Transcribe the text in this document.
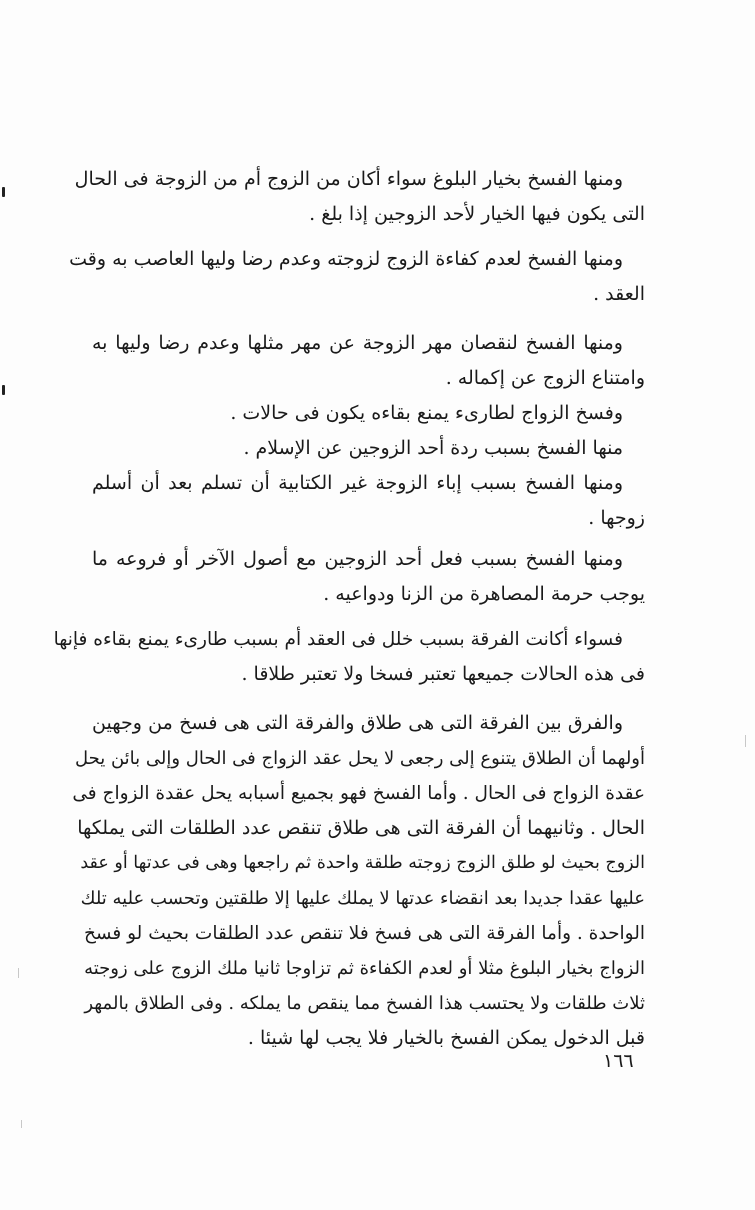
ومنها الفسخ بخيار البلوغ سواء أكان من الزوج أم من الزوجة فى الحال
التى يكون فيها الخيار لأحد الزوجين إذا بلغ .
ومنها الفسخ لعدم كفاءة الزوج لزوجته وعدم رضا وليها العاصب به وقت
العقد .
ومنها الفسخ لنقصان مهر الزوجة عن مهر مثلها وعدم رضا وليها به
وامتناع الزوج عن إكماله .
وفسخ الزواج لطارىء يمنع بقاءه يكون فى حالات .
منها الفسخ بسبب ردة أحد الزوجين عن الإسلام .
ومنها الفسخ بسبب إباء الزوجة غير الكتابية أن تسلم بعد أن أسلم
زوجها .
ومنها الفسخ بسبب فعل أحد الزوجين مع أصول الآخر أو فروعه ما
يوجب حرمة المصاهرة من الزنا ودواعيه .
فسواء أكانت الفرقة بسبب خلل فى العقد أم بسبب طارىء يمنع بقاءه فإنها
فى هذه الحالات جميعها تعتبر فسخا ولا تعتبر طلاقا .
والفرق بين الفرقة التى هى طلاق والفرقة التى هى فسخ من وجهين
أولهما أن الطلاق يتنوع إلى رجعى لا يحل عقد الزواج فى الحال وإلى بائن يحل
عقدة الزواج فى الحال . وأما الفسخ فهو بجميع أسبابه يحل عقدة الزواج فى
الحال . وثانيهما أن الفرقة التى هى طلاق تنقص عدد الطلقات التى يملكها
الزوج بحيث لو طلق الزوج زوجته طلقة واحدة ثم راجعها وهى فى عدتها أو عقد
عليها عقدا جديدا بعد انقضاء عدتها لا يملك عليها إلا طلقتين وتحسب عليه تلك
الواحدة . وأما الفرقة التى هى فسخ فلا تنقص عدد الطلقات بحيث لو فسخ
الزواج بخيار البلوغ مثلا أو لعدم الكفاءة ثم تزاوجا ثانيا ملك الزوج على زوجته
ثلاث طلقات ولا يحتسب هذا الفسخ مما ينقص ما يملكه . وفى الطلاق بالمهر
قبل الدخول يمكن الفسخ بالخيار فلا يجب لها شيئا .
١٦٦
